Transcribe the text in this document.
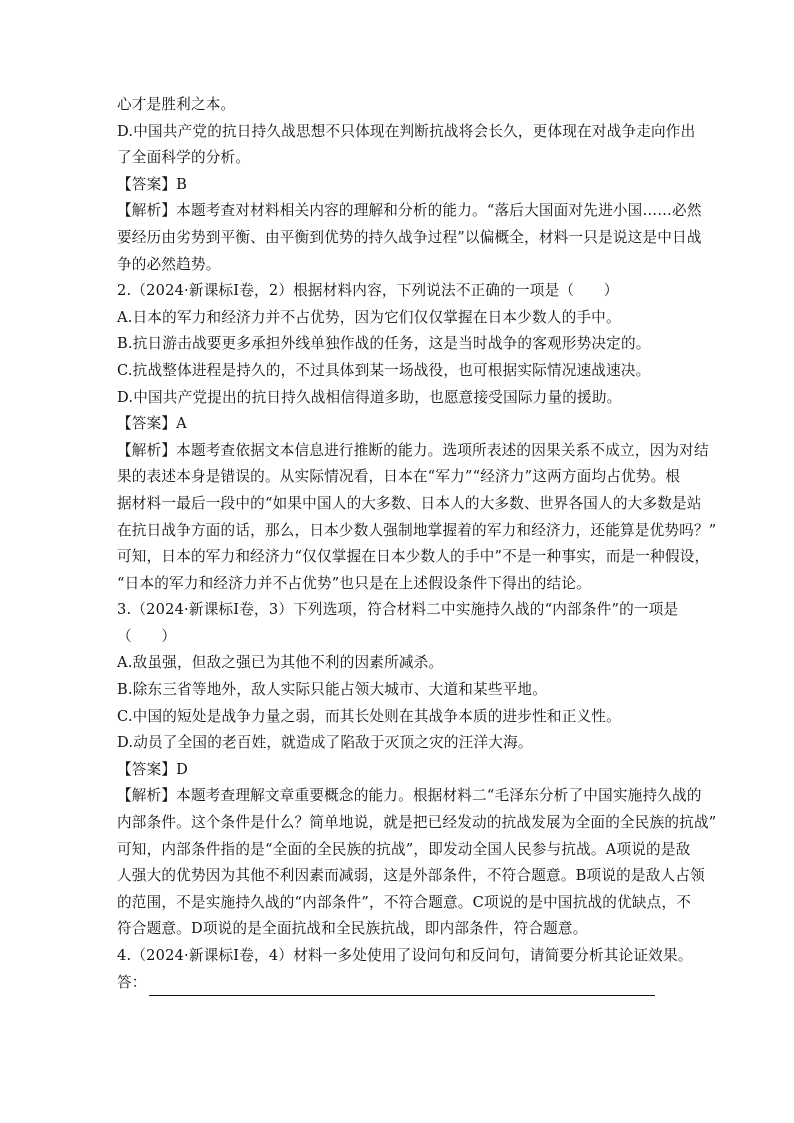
心才是胜利之本。
D.中国共产党的抗日持久战思想不只体现在判断抗战将会长久，更体现在对战争走向作出
了全面科学的分析。
【答案】B
【解析】本题考查对材料相关内容的理解和分析的能力。“落后大国面对先进小国……必然
要经历由劣势到平衡、由平衡到优势的持久战争过程”以偏概全，材料一只是说这是中日战
争的必然趋势。
2.（2024·新课标Ⅰ卷，2）根据材料内容，下列说法不正确的一项是（　　）
A.日本的军力和经济力并不占优势，因为它们仅仅掌握在日本少数人的手中。
B.抗日游击战要更多承担外线单独作战的任务，这是当时战争的客观形势决定的。
C.抗战整体进程是持久的，不过具体到某一场战役，也可根据实际情况速战速决。
D.中国共产党提出的抗日持久战相信得道多助，也愿意接受国际力量的援助。
【答案】A
【解析】本题考查依据文本信息进行推断的能力。选项所表述的因果关系不成立，因为对结
果的表述本身是错误的。从实际情况看，日本在“军力”“经济力”这两方面均占优势。根
据材料一最后一段中的“如果中国人的大多数、日本人的大多数、世界各国人的大多数是站
在抗日战争方面的话，那么，日本少数人强制地掌握着的军力和经济力，还能算是优势吗？”
可知，日本的军力和经济力“仅仅掌握在日本少数人的手中”不是一种事实，而是一种假设，
“日本的军力和经济力并不占优势”也只是在上述假设条件下得出的结论。
3.（2024·新课标Ⅰ卷，3）下列选项，符合材料二中实施持久战的“内部条件”的一项是
（　　）
A.敌虽强，但敌之强已为其他不利的因素所减杀。
B.除东三省等地外，敌人实际只能占领大城市、大道和某些平地。
C.中国的短处是战争力量之弱，而其长处则在其战争本质的进步性和正义性。
D.动员了全国的老百姓，就造成了陷敌于灭顶之灾的汪洋大海。
【答案】D
【解析】本题考查理解文章重要概念的能力。根据材料二“毛泽东分析了中国实施持久战的
内部条件。这个条件是什么？简单地说，就是把已经发动的抗战发展为全面的全民族的抗战”
可知，内部条件指的是“全面的全民族的抗战”，即发动全国人民参与抗战。A项说的是敌
人强大的优势因为其他不利因素而减弱，这是外部条件，不符合题意。B项说的是敌人占领
的范围，不是实施持久战的“内部条件”，不符合题意。C项说的是中国抗战的优缺点，不
符合题意。D项说的是全面抗战和全民族抗战，即内部条件，符合题意。
4.（2024·新课标Ⅰ卷，4）材料一多处使用了设问句和反问句，请简要分析其论证效果。
答：
